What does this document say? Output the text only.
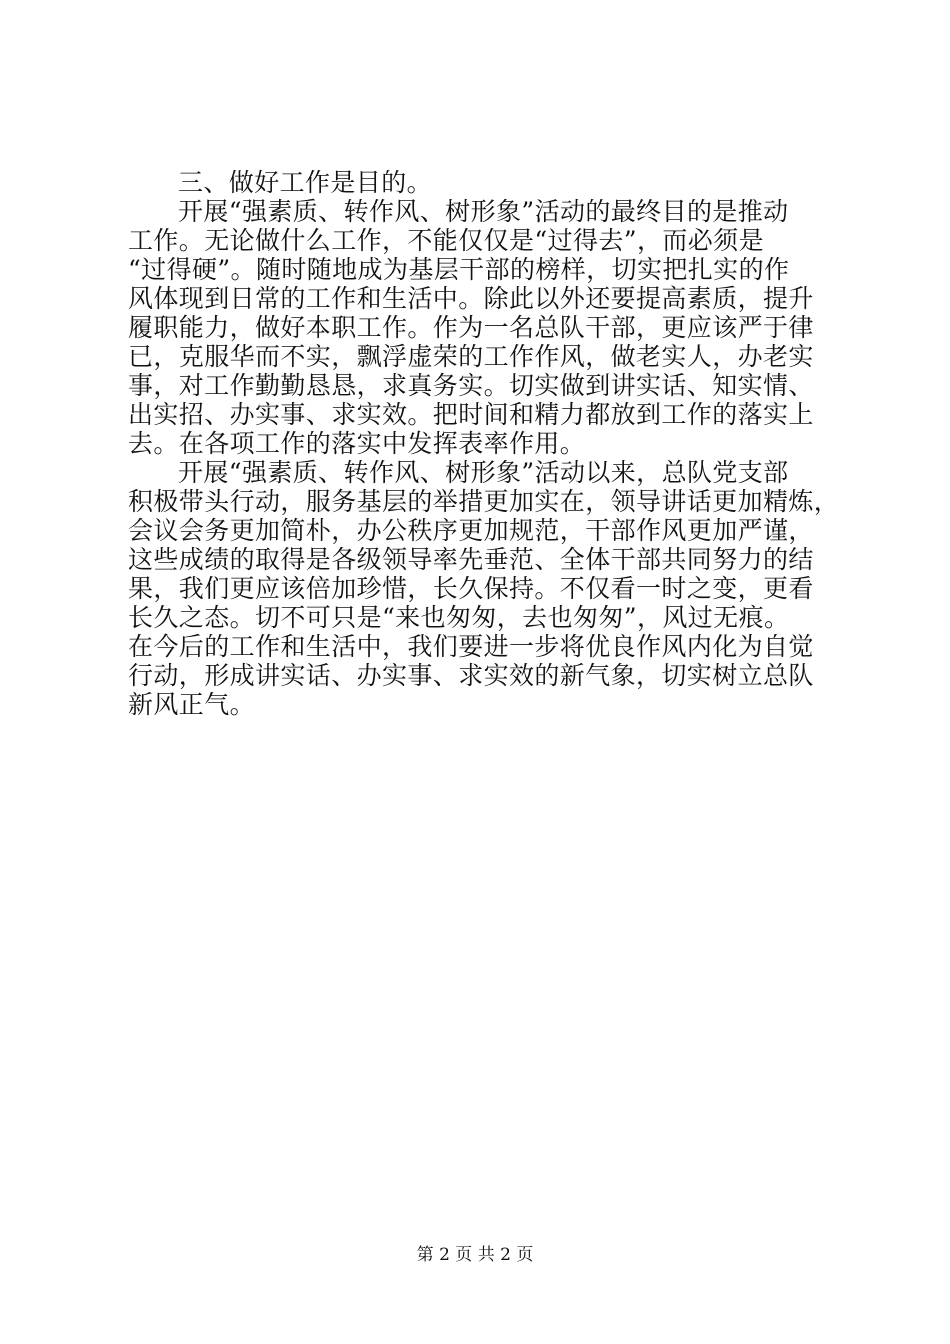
三、做好工作是目的。
开展“强素质、转作风、树形象”活动的最终目的是推动
工作。无论做什么工作，不能仅仅是“过得去”，而必须是
“过得硬”。随时随地成为基层干部的榜样，切实把扎实的作
风体现到日常的工作和生活中。除此以外还要提高素质，提升
履职能力，做好本职工作。作为一名总队干部，更应该严于律
已，克服华而不实，飘浮虚荣的工作作风，做老实人，办老实
事，对工作勤勤恳恳，求真务实。切实做到讲实话、知实情、
出实招、办实事、求实效。把时间和精力都放到工作的落实上
去。在各项工作的落实中发挥表率作用。
开展“强素质、转作风、树形象”活动以来，总队党支部
积极带头行动，服务基层的举措更加实在，领导讲话更加精炼，
会议会务更加简朴，办公秩序更加规范，干部作风更加严谨，
这些成绩的取得是各级领导率先垂范、全体干部共同努力的结
果，我们更应该倍加珍惜，长久保持。不仅看一时之变，更看
长久之态。切不可只是“来也匆匆，去也匆匆”，风过无痕。
在今后的工作和生活中，我们要进一步将优良作风内化为自觉
行动，形成讲实话、办实事、求实效的新气象，切实树立总队
新风正气。
第 2 页 共 2 页
